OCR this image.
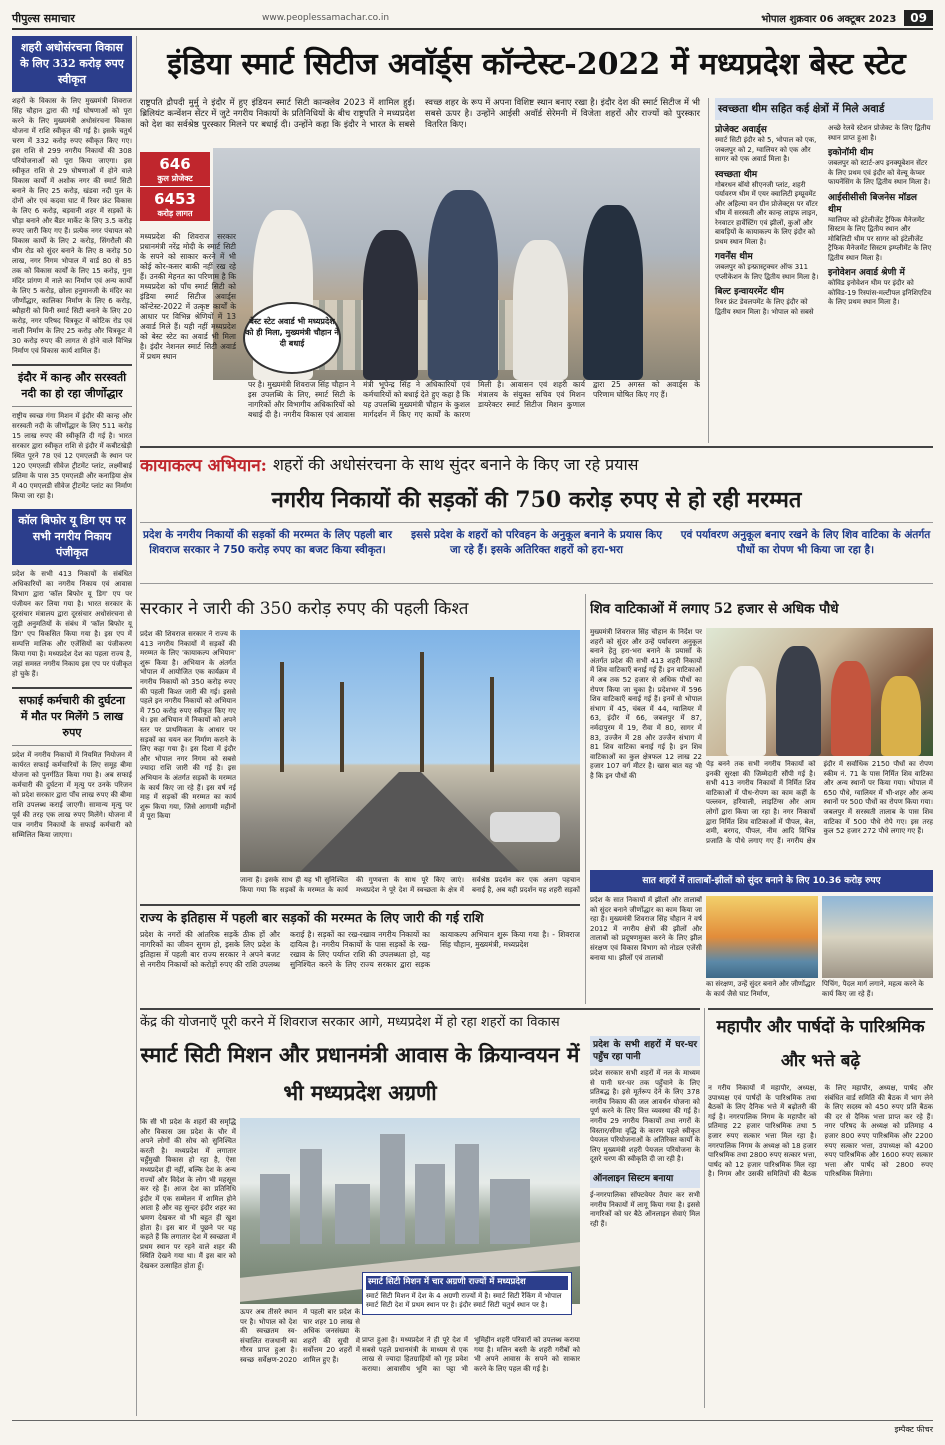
पीपुल्स समाचार	www.peoplessamachar.co.in	भोपाल शुक्रवार 06 अक्टूबर 2023	09
शहरी अधोसंरचना विकास के लिए 332 करोड़ रुपए स्वीकृत
शहरों के विकास के लिए मुख्यमंत्री शिवराज सिंह चौहान द्वारा की गई घोषणाओं को पूरा करने के लिए मुख्यमंत्री अधोसंरचना विकास योजना में राशि स्वीकृत की गई है। इसके चतुर्थ चरण में 332 करोड़ रुपए स्वीकृत किए गए। इस राशि से 299 नगरीय निकायों की 308 परियोजनाओं को पूरा किया जाएगा। इस स्वीकृत राशि से 29 घोषणाओं में होने वाले विकास कार्यों में अशोक नगर की स्मार्ट सिटी बनाने के लिए 25 करोड़, खंडवा नदी पुल के दोनों ओर एवं कदवा घाट में रिवर फ्रंट विकास के लिए 6 करोड़, बड़वानी शहर में सड़कों के चौड़ा बनाने और बैंडर मार्केट के लिए 3.5 करोड़ रुपए जारी किए गए हैं। प्रत्येक नगर पंचायत को विकास कार्यों के लिए 2 करोड़, सिंगरौली की थीम रोड को सुंदर बनाने के लिए 8 करोड़ 50 लाख, नगर निगम भोपाल में वार्ड 80 से 85 तक को विकास कार्यों के लिए 15 करोड़, गुना मंदिर प्रांगण में नाले का निर्माण एवं अन्य कार्यों के लिए 5 करोड़, छोला हनुमानजी के मंदिर का जीर्णोद्धार, कालिका निर्माण के लिए 6 करोड़, ब्यौहारी को मिनी स्मार्ट सिटी बनाने के लिए 20 करोड़, नगर परिषद चित्रकूट में कोटिक रोड एवं नाली निर्माण के लिए 25 करोड़ और चित्रकूट में 30 करोड़ रुपए की लागत से होने वाले विभिन्न निर्माण एवं विकास कार्य शामिल हैं।
इंदौर में कान्ह और सरस्वती नदी का हो रहा जीर्णोद्धार
राष्ट्रीय स्वच्छ गंगा मिशन में इंदौर की कान्ह और सरस्वती नदी के जीर्णोद्धार के लिए 511 करोड़ 15 लाख रुपए की स्वीकृति दी गई है। भारत सरकार द्वारा स्वीकृत राशि से इंदौर में कबीटखेड़ी स्थित पूरने 78 एवं 12 एमएलडी के स्थान पर 120 एमएलडी सीवेज ट्रीटमेंट प्लांट, लक्ष्मीबाई प्रतिमा के पास 35 एमएलडी और कनाड़िया क्षेत्र में 40 एमएलडी सीवेज ट्रीटमेंट प्लांट का निर्माण किया जा रहा है।
कॉल बिफोर यू डिग एप पर सभी नगरीय निकाय पंजीकृत
प्रदेश के सभी 413 निकायों के संबंधित अधिकारियों का नगरीय निकाय एवं आवास विभाग द्वारा 'कॉल बिफोर यू डिग' एप पर पंजीयन कर लिया गया है। भारत सरकार के दूरसंचार मंत्रालय द्वारा दूरसंचार अधोसंरचना से जुड़ी अनुमतियों के संबंध में 'कॉल बिफोर यू डिग' एप विकसित किया गया है। इस एप में सम्पत्ति मालिक और एजेंसियों का पंजीकरण किया गया है। मध्यप्रदेश देश का पहला राज्य है, जहां समस्त नगरीय निकाय इस एप पर पंजीकृत हो चुके हैं।
सफाई कर्मचारी की दुर्घटना में मौत पर मिलेंगे 5 लाख रुपए
प्रदेश में नगरीय निकायों में नियमित नियोजन में कार्यरत सफाई कर्मचारियों के लिए समूह बीमा योजना को पुनर्गठित किया गया है। अब सफाई कर्मचारी की दुर्घटना में मृत्यु पर उनके परिजन को प्रदेश सरकार द्वारा पाँच लाख रुपए की बीमा राशि उपलब्ध कराई जाएगी। सामान्य मृत्यु पर पूर्व की तरह एक लाख रुपए मिलेंगे। योजना में पात्र नगरीय निकायों के सफाई कर्मचारी को सम्मिलित किया जाएगा।
इंडिया स्मार्ट सिटीज अवाॅर्ड्स कॉन्टेस्ट-2022 में मध्यप्रदेश बेस्ट स्टेट
राष्ट्रपति द्रौपदी मुर्मु ने इंदौर में हुए इंडियन स्मार्ट सिटी कान्क्लेव 2023 में शामिल हुईं। ब्रिलियंट कन्वेंशन सेंटर में जुटे नगरीय निकायों के प्रतिनिधियों के बीच राष्ट्रपति ने मध्यप्रदेश को देश का सर्वश्रेष्ठ पुरस्कार मिलने पर बधाई दी। उन्होंने कहा कि इंदौर ने भारत के सबसे स्वच्छ शहर के रूप में अपना विशिष्ट स्थान बनाए रखा है। इंदौर देश की स्मार्ट सिटीज में भी सबसे ऊपर है। उन्होंने आईसी अवॉर्ड सेरेमनी में विजेता शहरों और राज्यों को पुरस्कार वितरित किए।
646
कुल प्रोजेक्ट
6453
करोड़ लागत
मध्यप्रदेश की शिवराज सरकार प्रधानमंत्री नरेंद्र मोदी के स्मार्ट सिटी के सपने को साकार करने में भी कोई कोर-कसर बाकी नहीं रख रहे हैं। उनकी मेहनत का परिणाम है कि मध्यप्रदेश को पाँच स्मार्ट सिटी को इंडिया स्मार्ट सिटीज अवार्ड्स कॉन्टेस्ट-2022 में उत्कृष्ट कार्यों के आधार पर विभिन्न श्रेणियों में 13 अवार्ड मिले हैं। यही नहीं मध्यप्रदेश को बेस्ट स्टेट का अवार्ड भी मिला है। इंदौर नेशनल स्मार्ट सिटी अवार्ड में प्रथम स्थान
बेस्ट स्टेट अवार्ड भी मध्यप्रदेश को ही मिला, मुख्यमंत्री चौहान ने दी बधाई
पर है। मुख्यमंत्री शिवराज सिंह चौहान ने इस उपलब्धि के लिए, स्मार्ट सिटी के नागरिकों और विभागीय अधिकारियों को बधाई दी है। नगरीय विकास एवं आवास मंत्री भूपेन्द्र सिंह ने अधिकारियों एवं कर्मचारियों को बधाई देते हुए कहा है कि यह उपलब्धि मुख्यमंत्री चौहान के कुशल मार्गदर्शन में किए गए कार्यों के कारण मिली है। आवासन एवं शहरी कार्य मंत्रालय के संयुक्त सचिव एवं मिशन डायरेक्टर स्मार्ट सिटीज मिशन कुणाल द्वारा 25 अगस्त को अवार्ड्स के परिणाम घोषित किए गए हैं।
स्वच्छता थीम सहित कई क्षेत्रों में मिले अवार्ड

प्रोजेक्ट अवार्ड्स
स्मार्ट सिटी इंदौर को 5, भोपाल को एक, जबलपुर को 2, ग्वालियर को एक और सागर को एक अवार्ड मिला है।

स्वच्छता थीम
गोबरधन बॉयो सीएनजी प्लांट, शहरी पर्यावरण थीम में एयर क्वालिटी इम्प्रूवमेंट और अहिल्या वन ग्रीन प्रोजेक्ट्स पर वॉटर थीम में सरस्वती और कान्ह लाइफ लाइन, रेनवाटर हार्वेस्टिंग एवं झीलों, कुओं और बावड़ियों के कायाकल्प के लिए इंदौर को प्रथम स्थान मिला है।

गवर्नेंस थीम
जबलपुर को इन्फ्रास्ट्रक्चर ऑफ 311 एप्लीकेशन के लिए द्वितीय स्थान मिला है।

बिल्ट इन्वायरमेंट थीम
रिवर फ्रंट डेवलपमेंट के लिए इंदौर को द्वितीय स्थान मिला है। भोपाल को सबसे अच्छे रेलवे स्टेशन प्रोजेक्ट के लिए द्वितीय स्थान प्राप्त हुआ है।

इकोनॉमी थीम
जबलपुर को स्टार्ट-अप इनक्यूबेशन सेंटर के लिए प्रथम एवं इंदौर को वेल्यू केप्चर फायनेंसिंग के लिए द्वितीय स्थान मिला है।

आईसीसीसी बिजनेस मॉडल थीम
ग्वालियर को इंटेलीजेंट ट्रैफिक मैनेजमेंट सिस्टम के लिए द्वितीय स्थान और मोबिलिटी थीम पर सागर को इंटेलीजेंट ट्रैफिक मैनेजमेंट सिस्टम इम्प्लीमेंट के लिए द्वितीय स्थान मिला है।

इनोवेशन अवार्ड श्रेणी में
कोविड इनोवेशन थीम पर इंदौर को कोविड-19 रिस्पांस-मल्टीपल इनिशिएटिव के लिए प्रथम स्थान मिला है।

कायाकल्प अभियान: शहरों की अधोसंरचना के साथ सुंदर बनाने के किए जा रहे प्रयास
नगरीय निकायों की सड़कों की 750 करोड़ रुपए से हो रही मरम्मत
प्रदेश के नगरीय निकायों की सड़कों की मरम्मत के लिए पहली बार शिवराज सरकार ने 750 करोड़ रुपए का बजट किया स्वीकृत।
इससे प्रदेश के शहरों को परिवहन के अनुकूल बनाने के प्रयास किए जा रहे हैं। इसके अतिरिक्त शहरों को हरा-भरा
एवं पर्यावरण अनुकूल बनाए रखने के लिए शिव वाटिका के अंतर्गत पौधों का रोपण भी किया जा रहा है।
सरकार ने जारी की 350 करोड़ रुपए की पहली किश्त
प्रदेश की शिवराज सरकार ने राज्य के 413 नगरीय निकायों में सड़कों की मरम्मत के लिए 'कायाकल्प अभियान' शुरू किया है। अभियान के अंतर्गत भोपाल में आयोजित एक कार्यक्रम में नगरीय निकायों को 350 करोड़ रुपए की पहली किश्त जारी की गई। इससे पहले इन नगरीय निकायों को अभियान में 750 करोड़ रुपए स्वीकृत किए गए थे। इस अभियान में निकायों को अपने स्तर पर प्राथमिकता के आधार पर सड़कों का चयन कर निर्माण कराने के लिए कहा गया है। इस दिशा में इंदौर और भोपाल नगर निगम को सबसे ज्यादा राशि जारी की गई है। इस अभियान के अंतर्गत सड़कों के मरम्मत के कार्य किए जा रहे हैं। इस वर्ष नई माह में सड़कों की मरम्मत का कार्य शुरू किया गया, जिसे आगामी महीनों में पूरा किया
जाना है। इसके साथ ही यह भी सुनिश्चित किया गया कि सड़कों के मरम्मत के कार्य की गुणवत्ता के साथ पूरे किए जाएं। मध्यप्रदेश ने पूरे देश में स्वच्छता के क्षेत्र में सर्वश्रेष्ठ प्रदर्शन कर एक अलग पहचान बनाई है, अब यही प्रदर्शन यह शहरी सड़कों
राज्य के इतिहास में पहली बार सड़कों की मरम्मत के लिए जारी की गई राशि
प्रदेश के नगरों की आंतरिक सड़कें ठीक हों और नागरिकों का जीवन सुगम हो, इसके लिए प्रदेश के इतिहास में पहली बार राज्य सरकार ने अपने बजट से नगरीय निकायों को करोड़ों रुपए की राशि उपलब्ध कराई है। सड़कों का रख-रखाव नगरीय निकायों का दायित्व है। नगरीय निकायों के पास सड़कों के रख-रखाव के लिए पर्याप्त राशि की उपलब्धता हो, यह सुनिश्चित करने के लिए राज्य सरकार द्वारा सड़क कायाकल्प अभियान शुरू किया गया है। - शिवराज सिंह चौहान, मुख्यमंत्री, मध्यप्रदेश
शिव वाटिकाओं में लगाए 52 हजार से अधिक पौधे
मुख्यमंत्री शिवराज सिंह चौहान के निर्देश पर शहरों को सुंदर और उन्हें पर्यावरण अनुकूल बनाने हेतु हरा-भरा बनाने के प्रयासों के अंतर्गत प्रदेश की सभी 413 शहरी निकायों में शिव वाटिकाएँ बनाई गई हैं। इन वाटिकाओं में अब तक 52 हजार से अधिक पौधों का रोपण किया जा चुका है। प्रदेशभर में 596 शिव वाटिकाएँ बनाई गई हैं। इनमें से भोपाल संभाग में 45, चंबल में 44, ग्वालियर में 63, इंदौर में 66, जबलपुर में 87, नर्मदापुरम में 19, रीवा में 80, सागर में 83, उज्जैन में 28 और उज्जैन संभाग में 81 शिव वाटिका बनाई गई है। इन शिव वाटिकाओं का कुल क्षेत्रफल 12 लाख 22 हजार 107 वर्ग मीटर है। खास बात यह भी है कि इन पौधों की
पेड़ बनने तक सभी नगरीय निकायों को इनकी सुरक्षा की जिम्मेदारी सौंपी गई है। सभी 413 नगरीय निकायों में निर्मित शिव वाटिकाओं में पौध-रोपण का काम कहीं के पल्लवन, हरियाली, लाइटिंग्स और आम लोगों द्वारा किया जा रहा है। नगर निकायों द्वारा निर्मित शिव वाटिकाओं में पीपल, बेल, शमी, बरगद, पीपल, नीम आदि विभिन्न प्रजाति के पौधे लगाए गए हैं। नगरीय क्षेत्र इंदौर में सर्वाधिक 2150 पौधों का रोपण स्कीम नं. 71 के पास निर्मित शिव वाटिका और अन्य स्थानों पर किया गया। भोपाल में 650 पौधे, ग्वालियर में भी-शहर और अन्य स्थानों पर 500 पौधों का रोपण किया गया। जबलपुर में सरस्वती तालाब के पास शिव वाटिका में 500 पौधे रोपे गए। इस तरह कुल 52 हजार 272 पौधे लगाए गए हैं।
सात शहरों में तालाबों-झीलों को सुंदर बनाने के लिए 10.36 करोड़ रुपए
प्रदेश के सात निकायों में झीलों और तालाबों को सुंदर बनाने जीर्णोद्धार का काम किया जा रहा है। मुख्यमंत्री शिवराज सिंह चौहान ने वर्ष 2012 में नगरीय क्षेत्रों की झीलों और तालाबों को प्रदूषणमुक्त करने के लिए झील संरक्षण एवं विकास विभाग को नोडल एजेंसी बनाया था। झीलों एवं तालाबों
का संरक्षण, उन्हें सुंदर बनाने और जीर्णोद्धार के कार्य जैसे घाट निर्माण,
पिचिंग, पैदल मार्ग लगाने, महत्व करने के कार्य किए जा रहे हैं।
केंद्र की योजनाएँ पूरी करने में शिवराज सरकार आगे, मध्यप्रदेश में हो रहा शहरों का विकास
स्मार्ट सिटी मिशन और प्रधानमंत्री आवास के क्रियान्वयन में भी मध्यप्रदेश अग्रणी
कि सी भी प्रदेश के शहरों की समृद्धि और विकास उस प्रदेश के चौर में अपने लोगों की सोच को सुनिश्चित करती है। मध्यप्रदेश में लगातार चहुँमुखी विकास हो रहा है, ऐसा मध्यप्रदेश ही नहीं, बल्कि देश के अन्य राज्यों और विदेश के लोग भी महसूस कर रहे हैं। आज देश का प्रतिनिधि इंदौर में एक सम्मेलन में शामिल होने आता है और वह सुन्दर इंदौर शहर का भ्रमण देखकर वो भी बहुत ही खुश होता है। इस बार में पूछने पर यह कहते हैं कि लगातार देश में स्वच्छता में प्रथम स्थान पर रहने वाले शहर की स्थिति देखने गया था। मैं इस बार को देखकर उत्साहित होता हूँ।
स्मार्ट सिटी मिशन में चार अग्रणी राज्यों में मध्यप्रदेश
स्मार्ट सिटी मिशन में देश के 4 अग्रणी राज्यों में है। स्मार्ट सिटी रैंकिंग में भोपाल स्मार्ट सिटी देश में प्रथम स्थान पर है। इंदौर स्मार्ट सिटी चतुर्थ स्थान पर है।
ऊपर अब तीसरे स्थान पर है। भोपाल को देश की स्वच्छतम स्व-संचालित राजधानी का गौरव प्राप्त हुआ है। स्वच्छ सर्वेक्षण-2020 में पहली बार प्रदेश के चार शहर 10 लाख से अधिक जनसंख्या के शहरों की सूची में सर्वोत्तम 20 शहरों में शामिल हुए हैं।
प्राप्त हुआ है। मध्यप्रदेश ने ही पूरे देश में सबसे पहले प्रधानमंत्री के माध्यम से एक लाख से ज्यादा हितग्राहियों को गृह प्रवेश कराया। आवासीय भूमि का पट्टा भी भूमिहीन शहरी परिवारों को उपलब्ध कराया गया है। मलिन बस्ती के शहरी गरीबों को भी अपने आवास के सपने को साकार करने के लिए पहल की गई है।
प्रदेश के सभी शहरों में घर-घर पहुँच रहा पानी
प्रदेश सरकार सभी शहरों में नल के माध्यम से पानी घर-घर तक पहुँचाने के लिए प्रतिबद्ध है। इसे मूर्तरूप देने के लिए 378 नगरीय निकाय की जल आवर्धन योजना को पूर्ण करने के लिए वित्त व्यवस्था की गई है। नगरीय 29 नगरीय निकायों तथा नगरों के विस्तार/सीमा वृद्धि के कारण पहले स्वीकृत पेयजल परियोजनाओं के अतिरिक्त कार्यों के लिए मुख्यमंत्री शहरी पेयजल परियोजना के दूसरे चरण की स्वीकृति दी जा रही है।
ऑनलाइन सिस्टम बनाया
ई-नगरपालिका सॉफ्टवेयर तैयार कर सभी नगरीय निकायों में लागू किया गया है। इससे नागरिकों को घर बैठे ऑनलाइन सेवाएं मिल रही हैं।
महापौर और पार्षदों के पारिश्रमिक और भत्ते बढ़े
न गरीय निकायों में महापौर, अध्यक्ष, उपाध्यक्ष एवं पार्षदों के पारिश्रमिक तथा बैठकों के लिए दैनिक भत्ते में बढ़ोतरी की गई है। नगरपालिक निगम के महापौर को प्रतिमाह 22 हजार पारिश्रमिक तथा 5 हजार रुपए सत्कार भत्ता मिल रहा है। नगरपालिक निगम के अध्यक्ष को 18 हजार पारिश्रमिक तथा 2800 रुपए सत्कार भत्ता, पार्षद को 12 हजार पारिश्रमिक मिल रहा है। निगम और उसकी समितियों की बैठक के लिए महापौर, अध्यक्ष, पार्षद और संबंधित वार्ड समिति की बैठक में भाग लेने के लिए सदस्य को 450 रुपए प्रति बैठक की दर से दैनिक भत्ता प्राप्त कर रहे हैं। नगर परिषद के अध्यक्ष को प्रतिमाह 4 हजार 800 रुपए पारिश्रमिक और 2200 रुपए सत्कार भत्ता, उपाध्यक्ष को 4200 रुपए पारिश्रमिक और 1600 रुपए सत्कार भत्ता और पार्षद को 2800 रुपए पारिश्रमिक मिलेगा।
इम्पैक्ट फीचर
